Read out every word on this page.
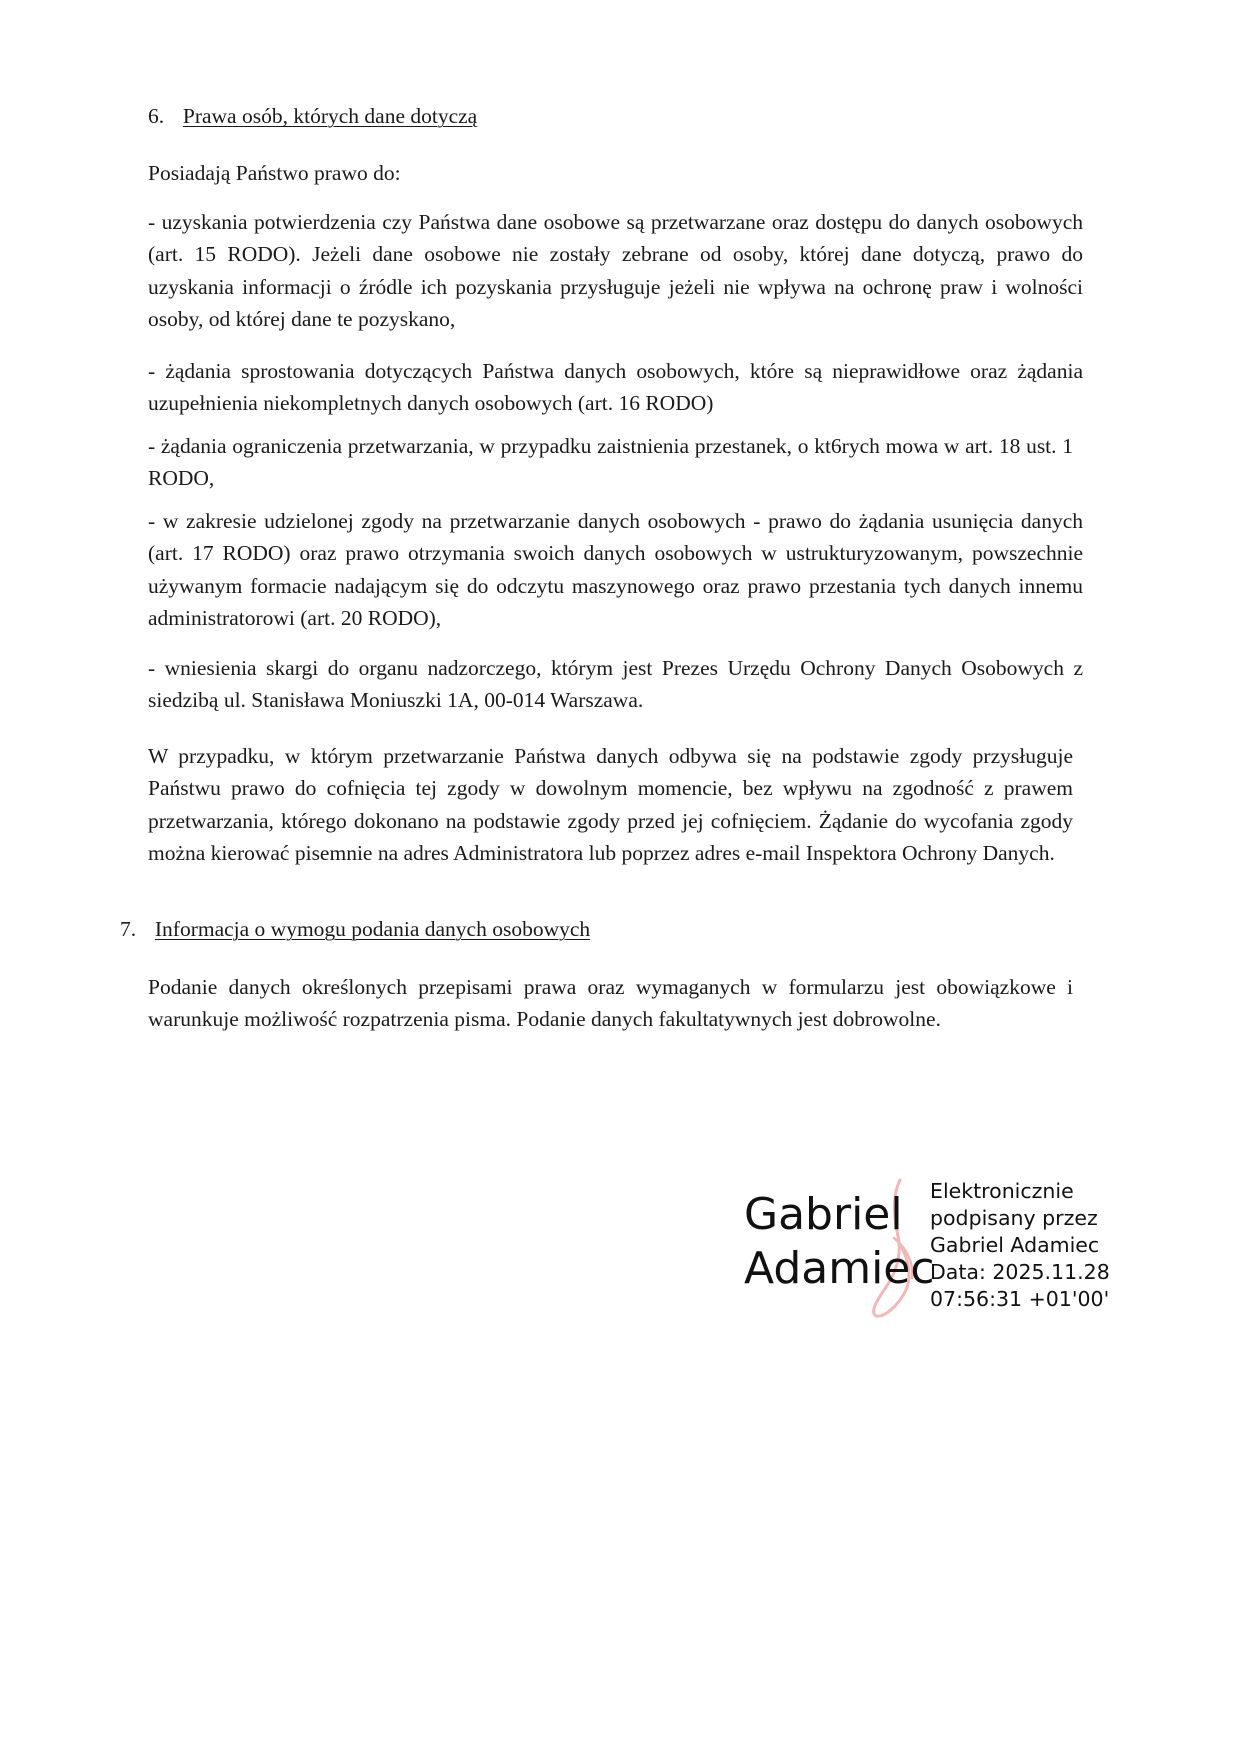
6. Prawa osób, których dane dotyczą

Posiadają Państwo prawo do:

- uzyskania potwierdzenia czy Państwa dane osobowe są przetwarzane oraz dostępu do danych osobowych (art. 15 RODO). Jeżeli dane osobowe nie zostały zebrane od osoby, której dane dotyczą, prawo do uzyskania informacji o źródle ich pozyskania przysługuje jeżeli nie wpływa na ochronę praw i wolności osoby, od której dane te pozyskano,

- żądania sprostowania dotyczących Państwa danych osobowych, które są nieprawidłowe oraz żądania uzupełnienia niekompletnych danych osobowych (art. 16 RODO)

- żądania ograniczenia przetwarzania, w przypadku zaistnienia przestanek, o kt6rych mowa w art. 18 ust. 1 RODO,

- w zakresie udzielonej zgody na przetwarzanie danych osobowych - prawo do żądania usunięcia danych (art. 17 RODO) oraz prawo otrzymania swoich danych osobowych w ustrukturyzowanym, powszechnie używanym formacie nadającym się do odczytu maszynowego oraz prawo przestania tych danych innemu administratorowi (art. 20 RODO),

- wniesienia skargi do organu nadzorczego, którym jest Prezes Urzędu Ochrony Danych Osobowych z siedzibą ul. Stanisława Moniuszki 1A, 00-014 Warszawa.

W przypadku, w którym przetwarzanie Państwa danych odbywa się na podstawie zgody przysługuje Państwu prawo do cofnięcia tej zgody w dowolnym momencie, bez wpływu na zgodność z prawem przetwarzania, którego dokonano na podstawie zgody przed jej cofnięciem. Żądanie do wycofania zgody można kierować pisemnie na adres Administratora lub poprzez adres e-mail Inspektora Ochrony Danych.

7. Informacja o wymogu podania danych osobowych

Podanie danych określonych przepisami prawa oraz wymaganych w formularzu jest obowiązkowe i warunkuje możliwość rozpatrzenia pisma. Podanie danych fakultatywnych jest dobrowolne.

Gabriel
Adamiec
Elektronicznie
podpisany przez
Gabriel Adamiec
Data: 2025.11.28
07:56:31 +01'00'
